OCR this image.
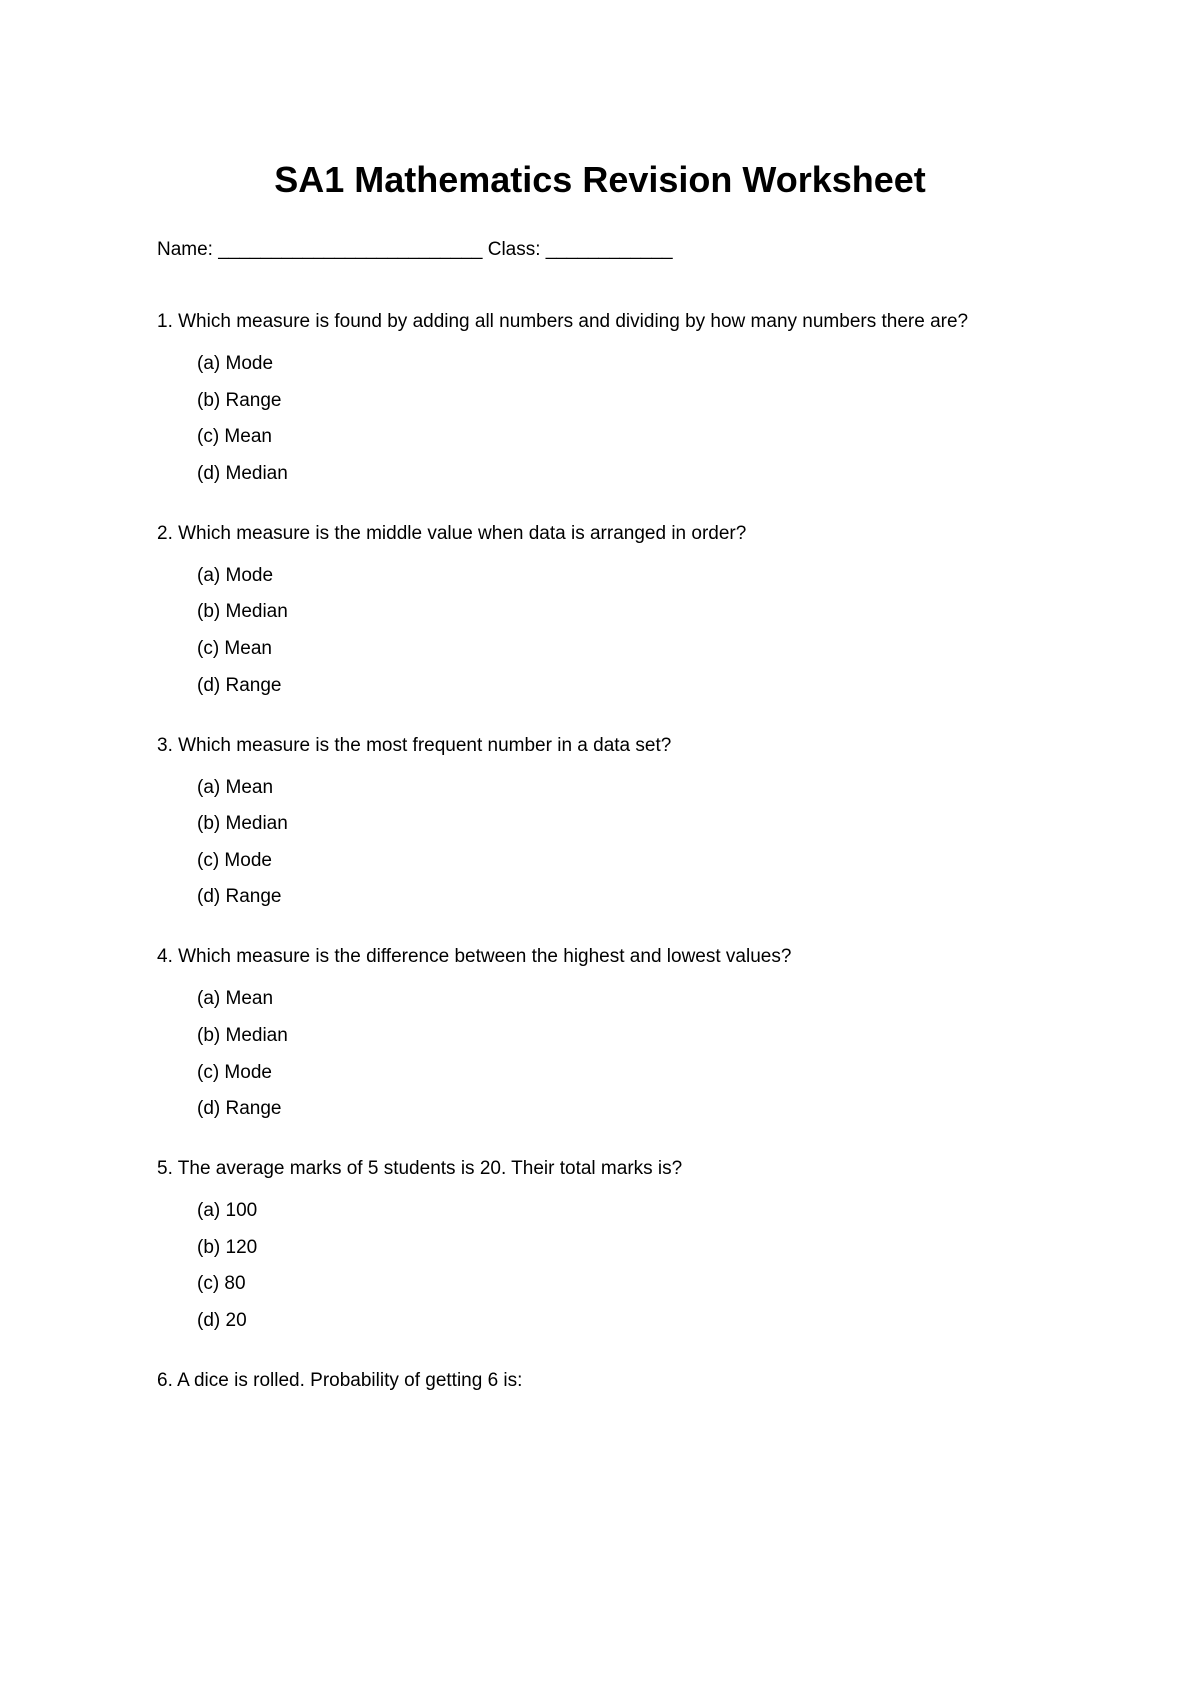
SA1 Mathematics Revision Worksheet
Name: _________________________ Class: ____________

1. Which measure is found by adding all numbers and dividing by how many numbers there are?

(a) Mode
(b) Range
(c) Mean
(d) Median

2. Which measure is the middle value when data is arranged in order?

(a) Mode
(b) Median
(c) Mean
(d) Range

3. Which measure is the most frequent number in a data set?

(a) Mean
(b) Median
(c) Mode
(d) Range

4. Which measure is the difference between the highest and lowest values?

(a) Mean
(b) Median
(c) Mode
(d) Range

5. The average marks of 5 students is 20. Their total marks is?

(a) 100
(b) 120
(c) 80
(d) 20

6. A dice is rolled. Probability of getting 6 is:
